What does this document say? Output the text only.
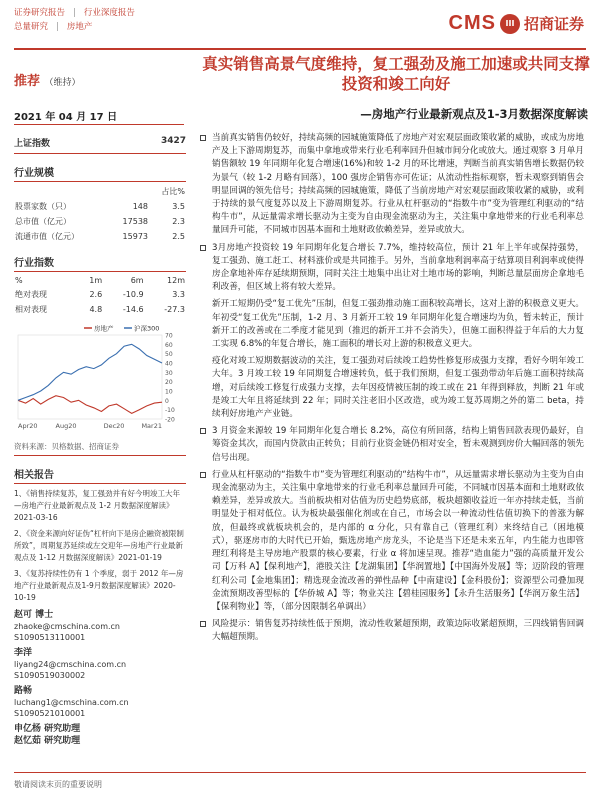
证券研究报告 | 行业深度报告
总量研究 | 房地产	CMS	III 招商证券
推荐 （维持）
2021 年 04 月 17 日
真实销售高景气度维持，复工强劲及施工加速或共同支撑投资和竣工向好
—房地产行业最新观点及1-3月数据深度解读
上证指数	3427
行业规模
		占比%
股票家数（只）	148	3.5
总市值（亿元）	17538	2.3
流通市值（亿元）	15973	2.5
行业指数
%	1m	6m	12m
绝对表现	2.6	-10.9	3.3
相对表现	4.8	-14.6	-27.3
70
60
50
40
30
20
10
0
-10
-20
Apr20	Aug20	Dec20	Mar21
房地产	沪深300
资料来源：贝格数据、招商证券
相关报告

1、《销售持续复苏，复工强劲并有好今明竣工大年—房地产行业最新观点及 1-2 月数据深度解读》2021-03-16

2、《资金来源向好证伪“杠杆向下是房企融资被限制所致”，周期复苏延续或左交迎年—房地产行业最新观点及 1-12 月数据深度解读》2021-01-19

3、《复苏持续性仍有 1 个季度，弱于 2012 年—房地产行业最新观点及1-9月数据深度解读》2020-10-19

赵可 博士
zhaoke@cmschina.com.cn
S1090513110001
李洋
liyang24@cmschina.com.cn
S1090519030002
路畅
luchang1@cmschina.com.cn
S1090521010001
申亿杨 研究助理
赵忆茹 研究助理
当前真实销售仍较好，持续高频的园城施策降低了房地产对宏观层面政策收紧的威胁，或成为房地产及上下游周期复苏，而集中拿地或带来行业毛利率回升但城市间分化或放大。通过观察 3 月单月销售额较 19 年同期年化复合增速(16%)和较 1-2 月的环比增速，判断当前真实销售增长数据仍较为景气（较 1-2 月略有回落），100 强房企销售亦可佐证；从流动性指标观察，暂未观察到销售会明显回调的领先信号；持续高频的园城施策，降低了当前房地产对宏观层面政策收紧的威胁，或利于持续的景气度复苏以及上下游周期复苏。行业从杠杆驱动的“指数牛市”变为管理红利驱动的“结构牛市”，从远量需求增长驱动为主变为自由现金流驱动为主，关注集中拿地带来的行业毛利率总量回升可能，不同城市因基本面和土地财政依赖差异，差异或放大。
3月房地产投资较 19 年同期年化复合增长 7.7%，维持较高位，预计 21 年上半年或保持强势，复工强劲、施工赶工、材料涨价或是共同推手。另外，当前拿地利润率高于结算项目利润率或使得房企拿地补库存延续期预期，同时关注土地集中出让对土地市场的影响，判断总量层面房企拿地毛利改善，但区域上将有较大差异。
新开工短期仍受“复工优先”压制，但复工强劲推动施工面积较高增长，这对上游的积极意义更大。年初受“复工优先”压制，1-2 月、3 月新开工较 19 年同期年化复合增速均为负，暂未转正，预计新开工的改善或在二季度才能见到（推迟的新开工并不会消失），但施工面积得益于年后的大力复工实现 6.8%的年复合增长，施工面积的增长对上游的积极意义更大。
疫化对竣工短期数据波动的关注，复工强劲对后续竣工趋势性修复形成强力支撑，看好今明年竣工大年。3 月竣工较 19 年同期复合增速转负，低于我们预期，但复工强劲带动年后施工面积持续高增，对后续竣工修复行成强力支撑，去年因疫情被压制的竣工或在 21 年得到释放，判断 21 年或是竣工大年且将延续到 22 年；同时关注老旧小区改造，或为竣工复苏周期之外的第二 beta，持续利好房地产产业链。
3 月资金来源较 19 年同期年化复合增长 8.2%，高位有所回落，结构上销售回款表现仍最好，自筹资金其次，而国内贷款由正转负；目前行业资金链仍相对安全，暂未观测到房价大幅回落的领先信号出现。
行业从杠杆驱动的“指数牛市”变为管理红利驱动的“结构牛市”，从远量需求增长驱动为主变为自由现金流驱动为主，关注集中拿地带来的行业毛利率总量回升可能，不同城市因基本面和土地财政依赖差异，差异或放大。当前板块相对估值为历史趋势底部，板块超额收益近一年亦持续走低，当前明显处于相对低位。认为板块最强催化剂或在自己，市场会以一种流动性估值切换下的普涨为解放，但最终或就板块机会的，是内部的 α 分化，只有靠自己（管理红利）来终结自己（困地模式），驱逐房市的大时代已开始，甄选房地产房龙头，不论是当下还是未来五年，内生能力也即管理红利将是主导房地产股票的核心要素，行业 α 将加速呈现。推荐“造血能力”强的高质量开发公司【万科 A】【保利地产】，港股关注【龙湖集团】【华润置地】【中国海外发展】等；迈阶段的管理红利公司【金地集团】；精选现金流改善的弹性品种【中南建设】【金科股份】；资源型公司叠加现金流预期改善型标的【华侨城 A】等；物业关注【碧桂园服务】【永升生活服务】【华润万象生活】【保利物业】等，（部分因限制名单调出）
风险提示：销售复苏持续性低于预期，流动性收紧超预期，政策边际收紧超预期，三四线销售回调大幅超预期。
敬请阅读末页的重要说明
